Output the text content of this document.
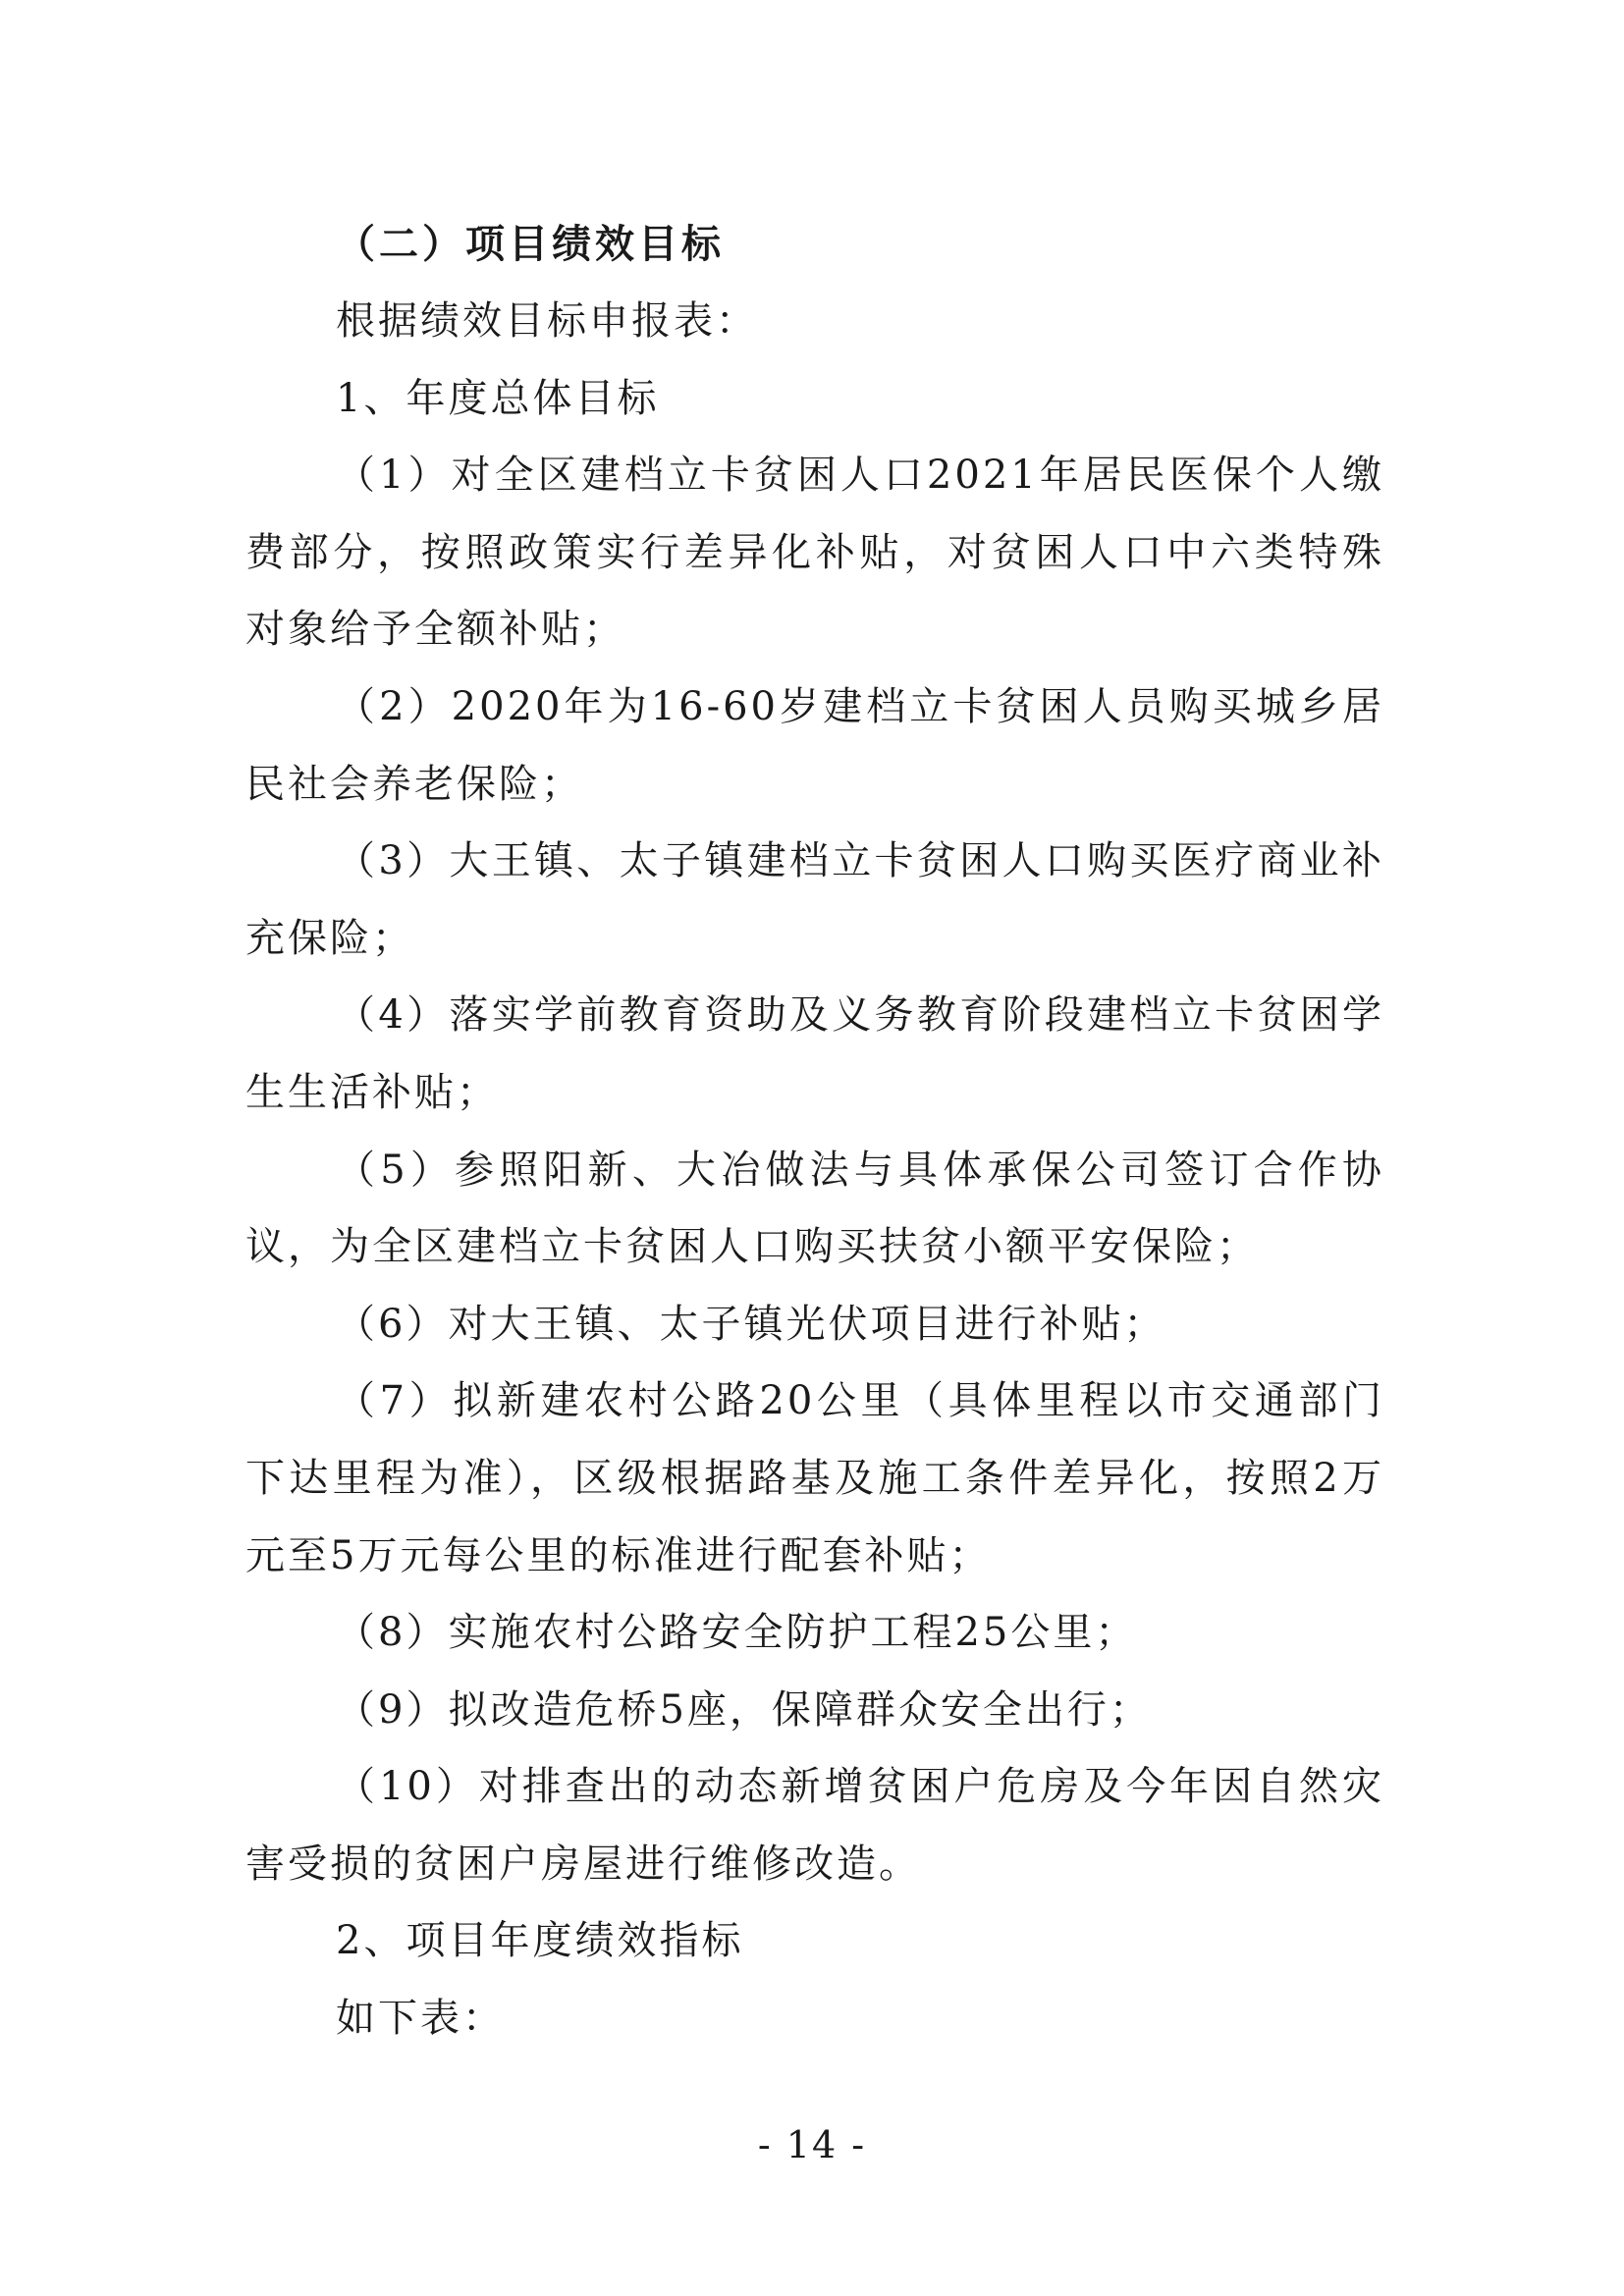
（二）项目绩效目标

根据绩效目标申报表：

1、年度总体目标

（1）对全区建档立卡贫困人口2021年居民医保个人缴费部分，按照政策实行差异化补贴，对贫困人口中六类特殊对象给予全额补贴；

（2）2020年为16-60岁建档立卡贫困人员购买城乡居民社会养老保险；

（3）大王镇、太子镇建档立卡贫困人口购买医疗商业补充保险；

（4）落实学前教育资助及义务教育阶段建档立卡贫困学生生活补贴；

（5）参照阳新、大冶做法与具体承保公司签订合作协议，为全区建档立卡贫困人口购买扶贫小额平安保险；

（6）对大王镇、太子镇光伏项目进行补贴；

（7）拟新建农村公路20公里（具体里程以市交通部门下达里程为准），区级根据路基及施工条件差异化，按照2万元至5万元每公里的标准进行配套补贴；

（8）实施农村公路安全防护工程25公里；

（9）拟改造危桥5座，保障群众安全出行；

（10）对排查出的动态新增贫困户危房及今年因自然灾害受损的贫困户房屋进行维修改造。

2、项目年度绩效指标

如下表：

- 14 -
